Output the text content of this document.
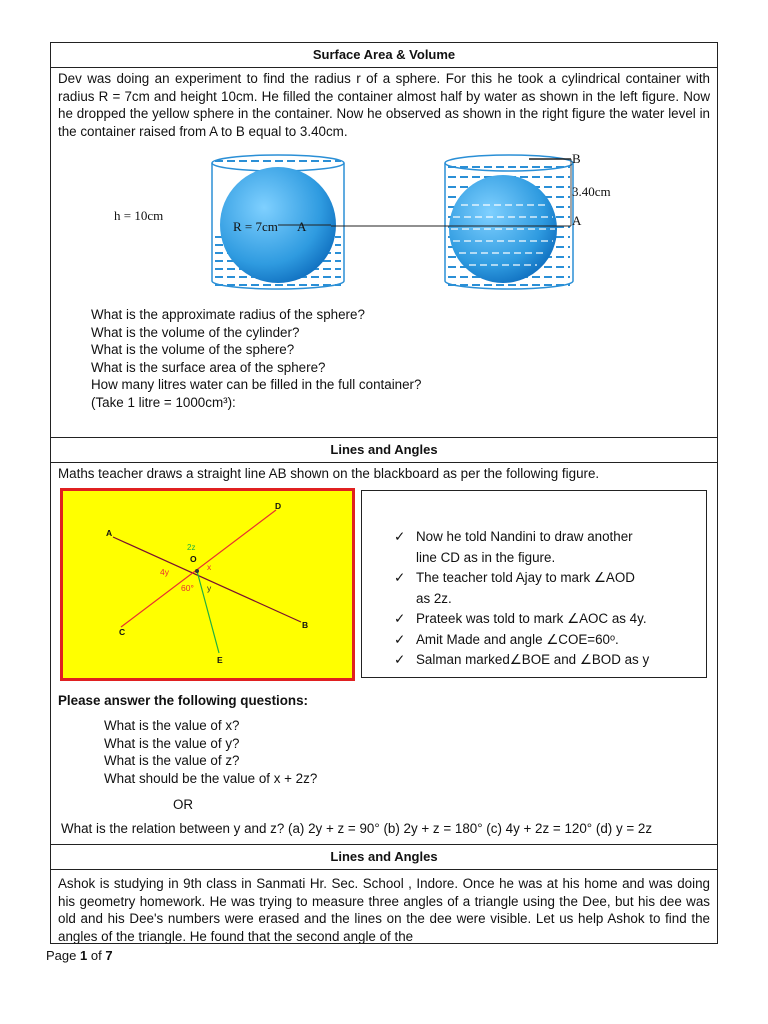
Surface Area & Volume
Dev was doing an experiment to find the radius r of a sphere. For this he took a cylindrical container with radius R = 7cm and height 10cm. He filled the container almost half by water as shown in the left figure. Now he dropped the yellow sphere in the container. Now he observed as shown in the right figure the water level in the container raised from A to B equal to 3.40cm.
h = 10cm
R = 7cm A
B
3.40cm
A
What is the approximate radius of the sphere?
What is the volume of the cylinder?
What is the volume of the sphere?
What is the surface area of the sphere?
How many litres water can be filled in the full container?
(Take 1 litre = 1000cm³):
Lines and Angles
Maths teacher draws a straight line AB shown on the blackboard as per the following figure.
A
B
C
D
E
O
2z
4y	x
60° y
✓ Now he told Nandini to draw another
line CD as in the figure.
✓ The teacher told Ajay to mark ∠AOD
as 2z.
✓ Prateek was told to mark ∠AOC as 4y.
✓ Amit Made and angle ∠COE=60ᵒ.
✓ Salman marked∠BOE and ∠BOD as y
Please answer the following questions:
What is the value of x?
What is the value of y?
What is the value of z?
What should be the value of x + 2z?
OR
What is the relation between y and z? (a) 2y + z = 90° (b) 2y + z = 180° (c) 4y + 2z = 120° (d) y = 2z
Lines and Angles
Ashok is studying in 9th class in Sanmati Hr. Sec. School , Indore. Once he was at his home and was doing his geometry homework. He was trying to measure three angles of a triangle using the Dee, but his dee was old and his Dee's numbers were erased and the lines on the dee were visible. Let us help Ashok to find the angles of the triangle. He found that the second angle of the
Page 1 of 7
